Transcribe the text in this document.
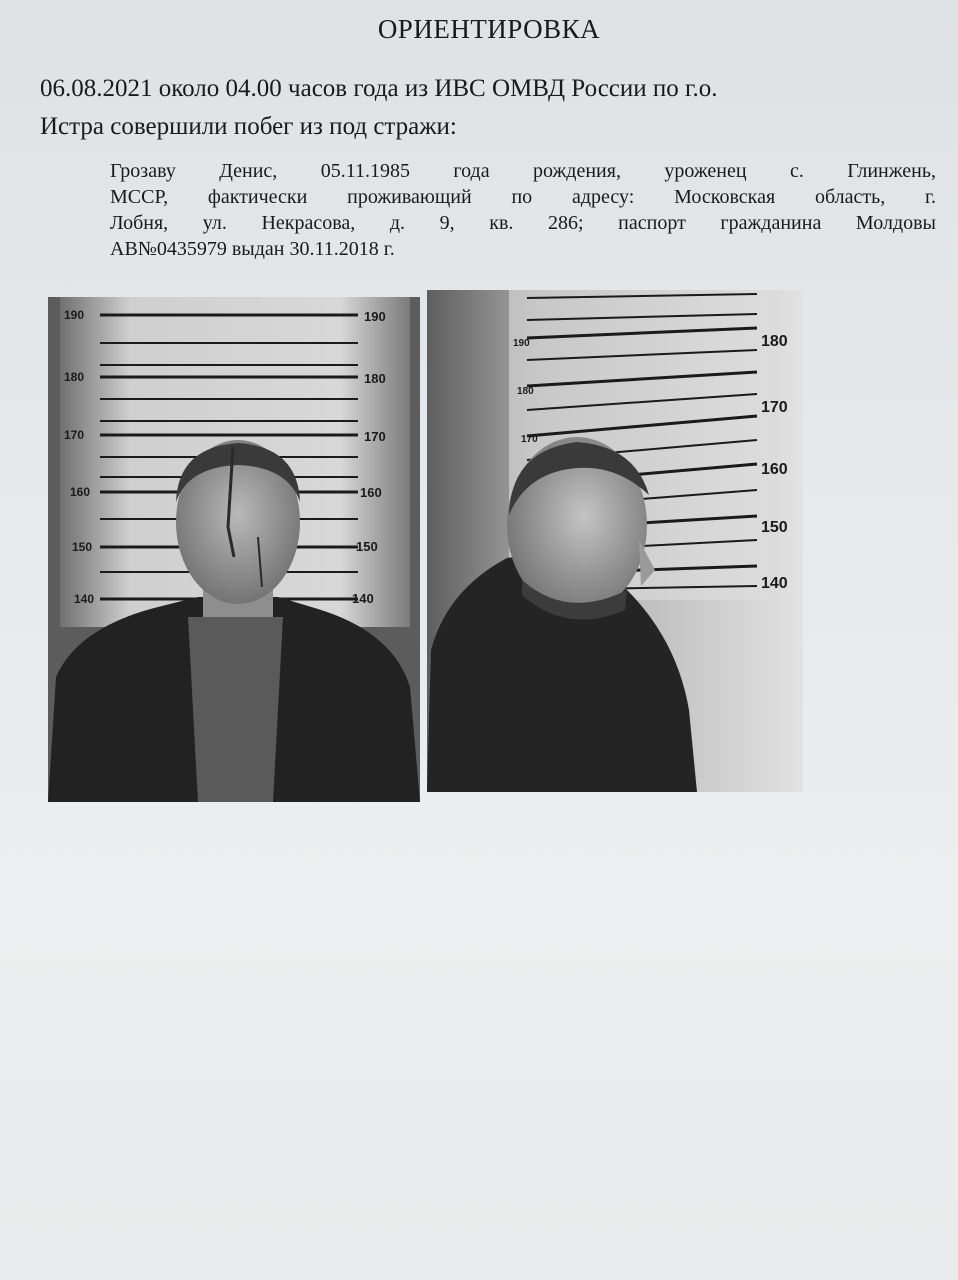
ОРИЕНТИРОВКА
06.08.2021 около 04.00 часов года из ИВС ОМВД России по г.о.
Истра совершили побег из под стражи:
Грозаву Денис, 05.11.1985 года рождения, уроженец с. Глинжень,
МССР, фактически проживающий по адресу: Московская область, г.
Лобня, ул. Некрасова, д. 9, кв. 286; паспорт гражданина Молдовы
АВ№0435979 выдан 30.11.2018 г.
190	190
180	180
170	170
160	160
150	150
140	140
190
180
170
180
170
160
150
140
